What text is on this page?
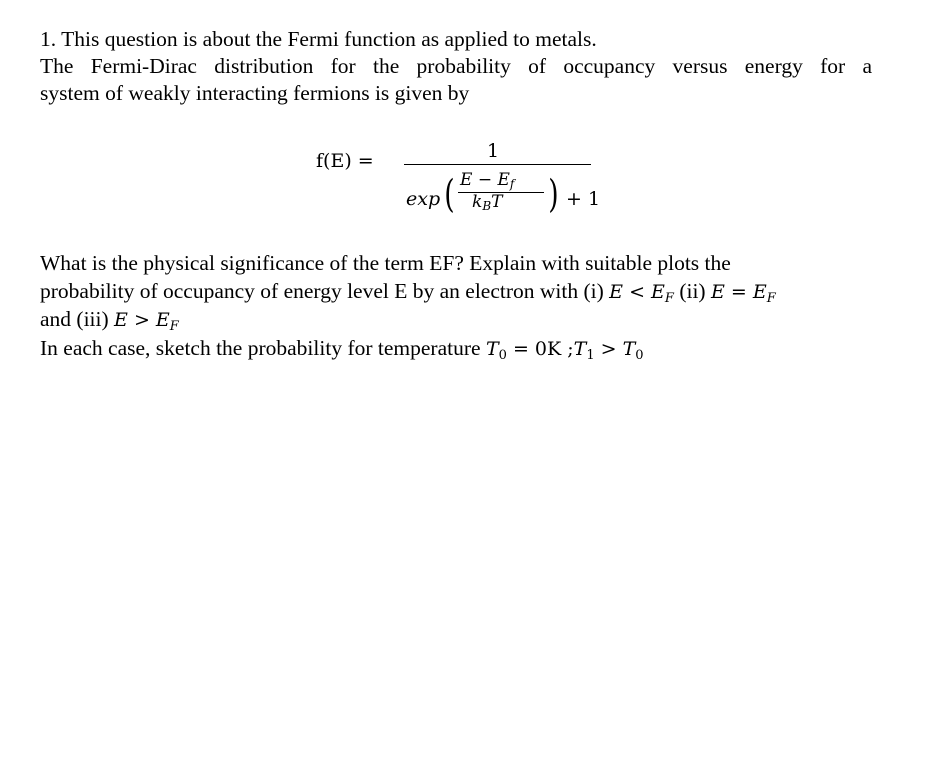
1. This question is about the Fermi function as applied to metals.
The Fermi-Dirac distribution for the probability of occupancy versus energy for a
system of weakly interacting fermions is given by
f(E) =	1
exp ( $E - E_f$
$k_BT$ ) + 1
What is the physical significance of the term EF? Explain with suitable plots the
probability of occupancy of energy level E by an electron with (i) $E < E_F$ (ii) $E = E_F$
and (iii) $E > E_F$
In each case, sketch the probability for temperature $T_0 = 0K$ $;T_1 > T_0$
